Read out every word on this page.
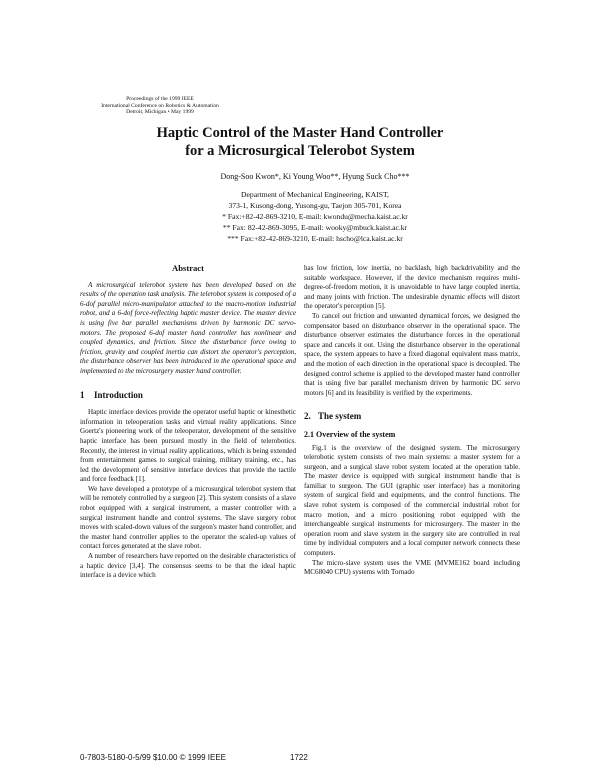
Proceedings of the 1999 IEEE
International Conference on Robotics & Automation
Detroit, Michigan • May 1999
Haptic Control of the Master Hand Controller
for a Microsurgical Telerobot System
Dong-Soo Kwon*, Ki Young Woo**, Hyung Suck Cho***
Department of Mechanical Engineering, KAIST,
373-1, Kusong-dong, Yusong-gu, Taejon 305-701, Korea
* Fax:+82-42-869-3210, E-mail: kwondu@mecha.kaist.ac.kr
** Fax: 82-42-869-3095, E-mail: wooky@mbuck.kaist.ac.kr
*** Fax:+82-42-869-3210, E-mail: hscho@lca.kaist.ac.kr
Abstract

A microsurgical telerobot system has been developed based on the results of the operation task analysis. The telerobot system is composed of a 6-dof parallel micro-manipulator attached to the macro-motion industrial robot, and a 6-dof force-reflecting haptic master device. The master device is using five bar parallel mechanisms driven by harmonic DC servo-motors. The proposed 6-dof master hand controller has nonlinear and coupled dynamics, and friction. Since the disturbance force owing to friction, gravity and coupled inertia can distort the operator's perception, the disturbance observer has been introduced in the operational space and implemented to the microsurgery master hand controller.

1 Introduction

Haptic interface devices provide the operator useful haptic or kinesthetic information in teleoperation tasks and virtual reality applications. Since Goertz's pioneering work of the teleoperator, development of the sensitive haptic interface has been pursued mostly in the field of telerobotics. Recently, the interest in virtual reality applications, which is being extended from entertainment games to surgical training, military training, etc., has led the development of sensitive interface devices that provide the tactile and force feedback [1].

We have developed a prototype of a microsurgical telerobot system that will be remotely controlled by a surgeon [2]. This system consists of a slave robot equipped with a surgical instrument, a master controller with a surgical instrument handle and control systems. The slave surgery robot moves with scaled-down values of the surgeon's master hand controller, and the master hand controller applies to the operator the scaled-up values of contact forces generated at the slave robot.

A number of researchers have reported on the desirable characteristics of a haptic device [3,4]. The consensus seems to be that the ideal haptic interface is a device which

has low friction, low inertia, no backlash, high backdrivability and the suitable workspace. However, if the device mechanism requires multi-degree-of-freedom motion, it is unavoidable to have large coupled inertia, and many joints with friction. The undesirable dynamic effects will distort the operator's perception [5].

To cancel out friction and unwanted dynamical forces, we designed the compensator based on disturbance observer in the operational space. The disturbance observer estimates the disturbance forces in the operational space and cancels it out. Using the disturbance observer in the operational space, the system appears to have a fixed diagonal equivalent mass matrix, and the motion of each direction in the operational space is decoupled. The designed control scheme is applied to the developed master hand controller that is using five bar parallel mechanism driven by harmonic DC servo motors [6] and its feasibility is verified by the experiments.

2. The system
2.1 Overview of the system

Fig.1 is the overview of the designed system. The microsurgery telerobotic system consists of two main systems: a master system for a surgeon, and a surgical slave robot system located at the operation table. The master device is equipped with surgical instrument handle that is familiar to surgeon. The GUI (graphic user interface) has a monitoring system of surgical field and equipments, and the control functions. The slave robot system is composed of the commercial industrial robot for macro motion, and a micro positioning robot equipped with the interchangeable surgical instruments for microsurgery. The master in the operation room and slave system in the surgery site are controlled in real time by individual computers and a local computer network connects these computers.

The micro-slave system uses the VME (MVME162 board including MC68040 CPU) systems with Tornado

0-7803-5180-0-5/99 $10.00 © 1999 IEEE	1722
